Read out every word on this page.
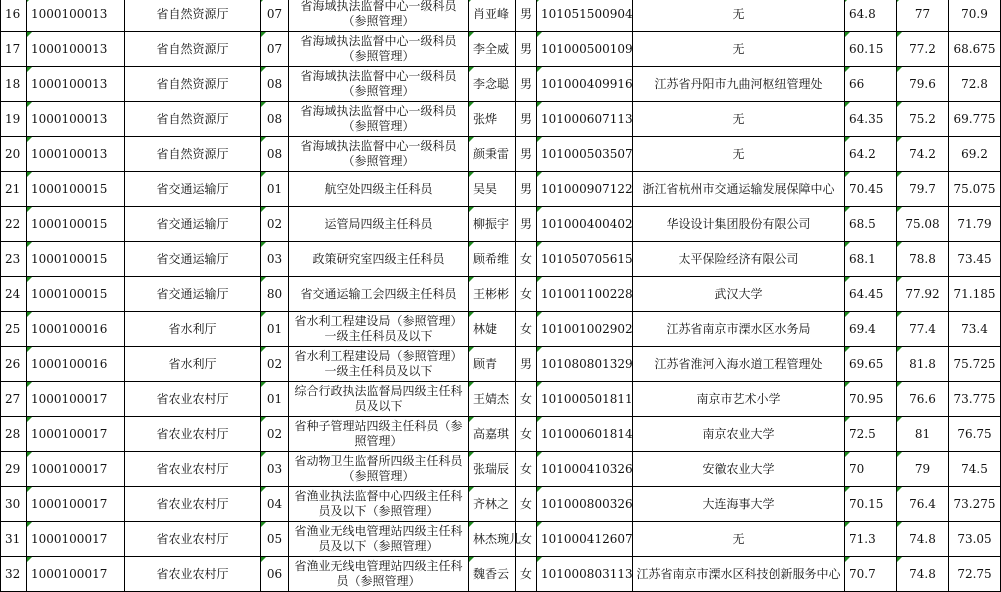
16	1000100013	省自然资源厅	07	省海域执法监督中心一级科员（参照管理）	肖亚峰	男	101051500904	无	64.8	77	70.9
17	1000100013	省自然资源厅	07	省海域执法监督中心一级科员（参照管理）	李全威	男	101000500109	无	60.15	77.2	68.675
18	1000100013	省自然资源厅	08	省海域执法监督中心一级科员（参照管理）	李念聪	男	101000409916	江苏省丹阳市九曲河枢纽管理处	66	79.6	72.8
19	1000100013	省自然资源厅	08	省海域执法监督中心一级科员（参照管理）	张烨	男	101000607113	无	64.35	75.2	69.775
20	1000100013	省自然资源厅	08	省海域执法监督中心一级科员（参照管理）	颜秉雷	男	101000503507	无	64.2	74.2	69.2
21	1000100015	省交通运输厅	01	航空处四级主任科员	吴昊	男	101000907122	浙江省杭州市交通运输发展保障中心	70.45	79.7	75.075
22	1000100015	省交通运输厅	02	运管局四级主任科员	柳振宇	男	101000400402	华设设计集团股份有限公司	68.5	75.08	71.79
23	1000100015	省交通运输厅	03	政策研究室四级主任科员	顾希维	女	101050705615	太平保险经济有限公司	68.1	78.8	73.45
24	1000100015	省交通运输厅	80	省交通运输工会四级主任科员	王彬彬	女	101001100228	武汉大学	64.45	77.92	71.185
25	1000100016	省水利厅	01	省水利工程建设局（参照管理）一级主任科员及以下	林婕	女	101001002902	江苏省南京市溧水区水务局	69.4	77.4	73.4
26	1000100016	省水利厅	02	省水利工程建设局（参照管理）一级主任科员及以下	顾青	男	101080801329	江苏省淮河入海水道工程管理处	69.65	81.8	75.725
27	1000100017	省农业农村厅	01	综合行政执法监督局四级主任科员及以下	王婧杰	女	101000501811	南京市艺术小学	70.95	76.6	73.775
28	1000100017	省农业农村厅	02	省种子管理站四级主任科员（参照管理）	高嘉琪	女	101000601814	南京农业大学	72.5	81	76.75
29	1000100017	省农业农村厅	03	省动物卫生监督所四级主任科员（参照管理）	张瑞辰	女	101000410326	安徽农业大学	70	79	74.5
30	1000100017	省农业农村厅	04	省渔业执法监督中心四级主任科员及以下（参照管理）	齐林之	女	101000800326	大连海事大学	70.15	76.4	73.275
31	1000100017	省农业农村厅	05	省渔业无线电管理站四级主任科员及以下（参照管理）	林杰琬儿	女	101000412607	无	71.3	74.8	73.05
32	1000100017	省农业农村厅	06	省渔业无线电管理站四级主任科员（参照管理）	魏香云	女	101000803113	江苏省南京市溧水区科技创新服务中心	70.7	74.8	72.75
